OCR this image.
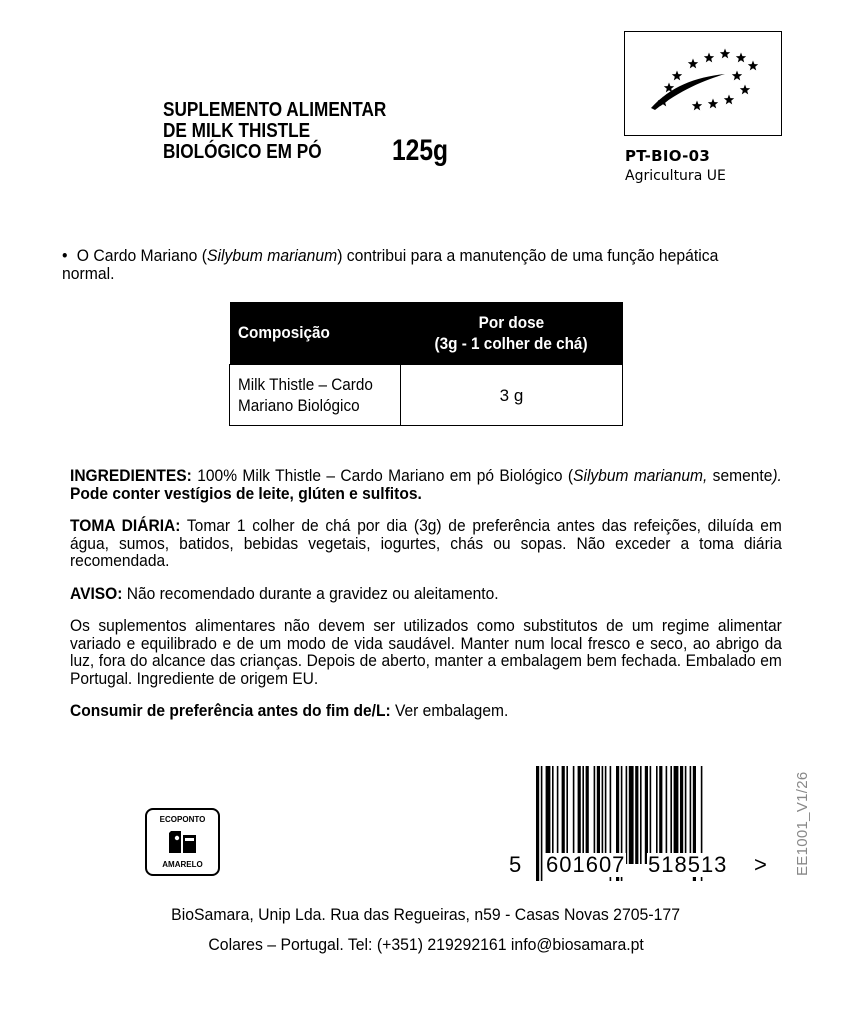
SUPLEMENTO ALIMENTAR
DE MILK THISTLE
BIOLÓGICO EM PÓ	125g	PT-BIO-03
Agricultura UE
• O Cardo Mariano (Silybum marianum) contribui para a manutenção de uma função hepática normal.
Composição	Por dose
(3g - 1 colher de chá)
Milk Thistle – Cardo
Mariano Biológico	3 g

INGREDIENTES: 100% Milk Thistle – Cardo Mariano em pó Biológico (Silybum marianum, semente). Pode conter vestígios de leite, glúten e sulfitos.

TOMA DIÁRIA: Tomar 1 colher de chá por dia (3g) de preferência antes das refeições, diluída em água, sumos, batidos, bebidas vegetais, iogurtes, chás ou sopas. Não exceder a toma diária recomendada.

AVISO: Não recomendado durante a gravidez ou aleitamento.

Os suplementos alimentares não devem ser utilizados como substitutos de um regime alimentar variado e equilibrado e de um modo de vida saudável. Manter num local fresco e seco, ao abrigo da luz, fora do alcance das crianças. Depois de aberto, manter a embalagem bem fechada. Embalado em Portugal. Ingrediente de origem EU.

Consumir de preferência antes do fim de/L: Ver embalagem.

ECOPONTO
AMARELO	5 601607 518513 > EE1001_V1/26
BioSamara, Unip Lda. Rua das Regueiras, n59 - Casas Novas 2705-177
Colares – Portugal. Tel: (+351) 219292161 info@biosamara.pt
